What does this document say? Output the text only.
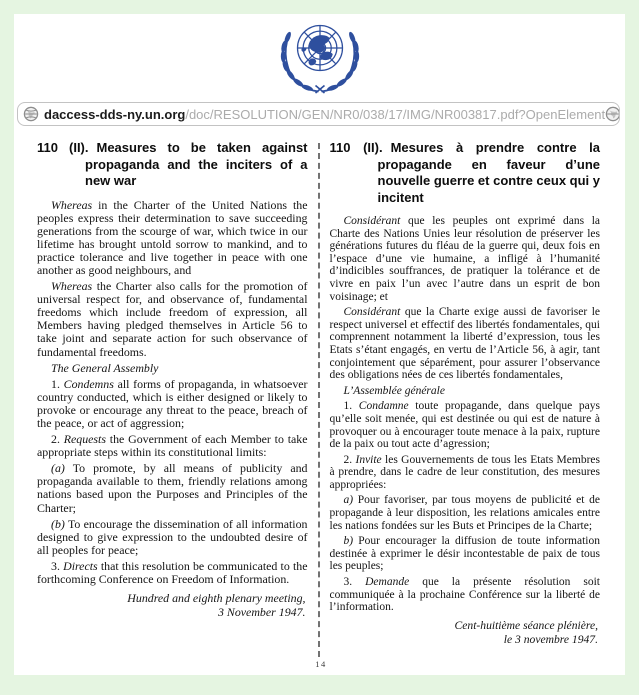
daccess-dds-ny.un.org/doc/RESOLUTION/GEN/NR0/038/17/IMG/NR003817.pdf?OpenElement
110 (II). Measures to be taken against propaganda and the inciters of a new war

Whereas in the Charter of the United Nations the peoples express their determination to save succeeding generations from the scourge of war, which twice in our lifetime has brought untold sorrow to mankind, and to practice tolerance and live together in peace with one another as good neighbours, and

Whereas the Charter also calls for the promotion of universal respect for, and observance of, fundamental freedoms which include freedom of expression, all Members having pledged themselves in Article 56 to take joint and separate action for such observance of fundamental freedoms.

The General Assembly

1. Condemns all forms of propaganda, in whatsoever country conducted, which is either designed or likely to provoke or encourage any threat to the peace, breach of the peace, or act of aggression;

2. Requests the Government of each Member to take appropriate steps within its constitutional limits:

(a) To promote, by all means of publicity and propaganda available to them, friendly relations among nations based upon the Purposes and Principles of the Charter;

(b) To encourage the dissemination of all information designed to give expression to the undoubted desire of all peoples for peace;

3. Directs that this resolution be communicated to the forthcoming Conference on Freedom of Information.

Hundred and eighth plenary meeting,
3 November 1947.
110 (II). Mesures à prendre contre la propagande en faveur d’une nouvelle guerre et contre ceux qui y incitent

Considérant que les peuples ont exprimé dans la Charte des Nations Unies leur résolution de préserver les générations futures du fléau de la guerre qui, deux fois en l’espace d’une vie humaine, a infligé à l’humanité d’indicibles souffrances, de pratiquer la tolérance et de vivre en paix l’un avec l’autre dans un esprit de bon voisinage; et

Considérant que la Charte exige aussi de favoriser le respect universel et effectif des libertés fondamentales, qui comprennent notamment la liberté d’expression, tous les Etats s’étant engagés, en vertu de l’Article 56, à agir, tant conjointement que séparément, pour assurer l’observance des obligations nées de ces libertés fondamentales,

L’Assemblée générale

1. Condamne toute propagande, dans quelque pays qu’elle soit menée, qui est destinée ou qui est de nature à provoquer ou à encourager toute menace à la paix, rupture de la paix ou tout acte d’agression;

2. Invite les Gouvernements de tous les Etats Membres à prendre, dans le cadre de leur constitution, des mesures appropriées:

a) Pour favoriser, par tous moyens de publicité et de propagande à leur disposition, les relations amicales entre les nations fondées sur les Buts et Principes de la Charte;

b) Pour encourager la diffusion de toute information destinée à exprimer le désir incontestable de paix de tous les peuples;

3. Demande que la présente résolution soit communiquée à la prochaine Conférence sur la liberté de l’information.

Cent-huitième séance plénière,
le 3 novembre 1947.
14
